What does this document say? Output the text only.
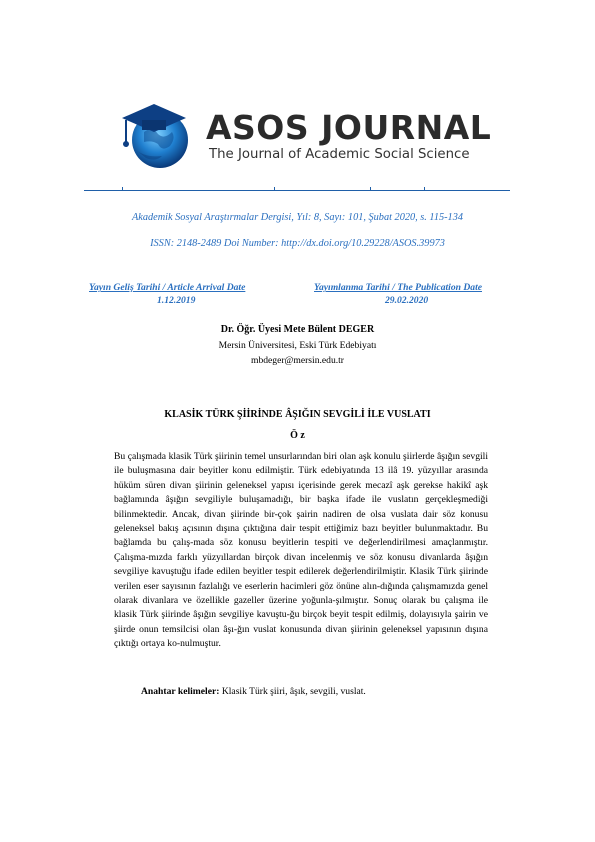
ASOS JOURNAL
The Journal of Academic Social Science
Akademik Sosyal Araştırmalar Dergisi, Yıl: 8, Sayı: 101, Şubat 2020, s. 115-134
ISSN: 2148-2489 Doi Number: http://dx.doi.org/10.29228/ASOS.39973
Yayın Geliş Tarihi / Article Arrival Date
1.12.2019
Yayımlanma Tarihi / The Publication Date
29.02.2020
Dr. Öğr. Üyesi Mete Bülent DEGER
Mersin Üniversitesi, Eski Türk Edebiyatı
mbdeger@mersin.edu.tr
KLASİK TÜRK ŞİİRİNDE ÂŞIĞIN SEVGİLİ İLE VUSLATI
Ö z

Bu çalışmada klasik Türk şiirinin temel unsurlarından biri olan aşk konulu şiirlerde âşığın sevgili ile buluşmasına dair beyitler konu edilmiştir. Türk edebiyatında 13 ilâ 19. yüzyıllar arasında hüküm süren divan şiirinin geleneksel yapısı içerisinde gerek mecazî aşk gerekse hakikî aşk bağlamında âşığın sevgiliyle buluşamadığı, bir başka ifade ile vuslatın gerçekleşmediği bilinmektedir. Ancak, divan şiirinde bir-çok şairin nadiren de olsa vuslata dair söz konusu geleneksel bakış açısının dışına çıktığına dair tespit ettiğimiz bazı beyitler bulunmaktadır. Bu bağlamda bu çalış-mada söz konusu beyitlerin tespiti ve değerlendirilmesi amaçlanmıştır. Çalışma-mızda farklı yüzyıllardan birçok divan incelenmiş ve söz konusu divanlarda âşığın sevgiliye kavuştuğu ifade edilen beyitler tespit edilerek değerlendirilmiştir. Klasik Türk şiirinde verilen eser sayısının fazlalığı ve eserlerin hacimleri göz önüne alın-dığında çalışmamızda genel olarak divanlara ve özellikle gazeller üzerine yoğunla-şılmıştır. Sonuç olarak bu çalışma ile klasik Türk şiirinde âşığın sevgiliye kavuştu-ğu birçok beyit tespit edilmiş, dolayısıyla şairin ve şiirde onun temsilcisi olan âşı-ğın vuslat konusunda divan şiirinin geleneksel yapısının dışına çıktığı ortaya ko-nulmuştur.

Anahtar kelimeler: Klasik Türk şiiri, âşık, sevgili, vuslat.
